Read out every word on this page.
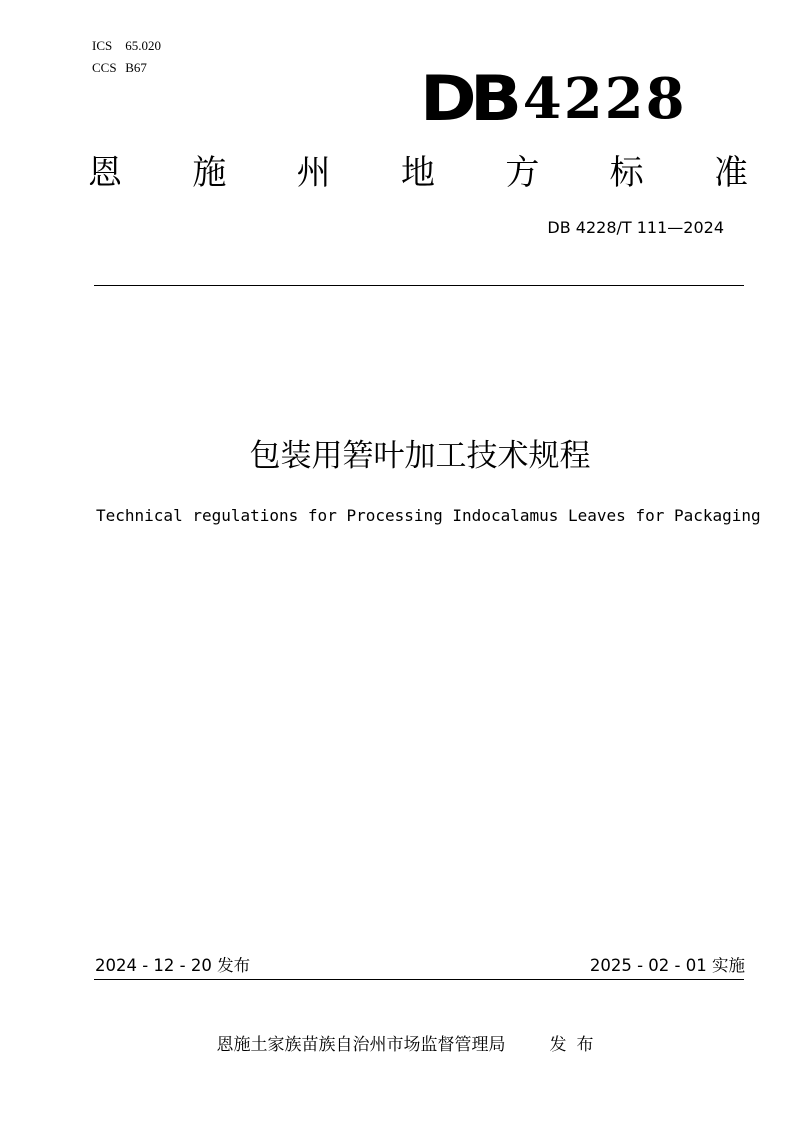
ICS 65.020
CCS B67	DB 4228
恩 施 州 地 方 标 准
DB 4228/T 111—2024
包装用箬叶加工技术规程
Technical regulations for Processing Indocalamus Leaves for Packaging
2024 - 12 - 20 发布	2025 - 02 - 01 实施
恩施土家族苗族自治州市场监督管理局	发布
